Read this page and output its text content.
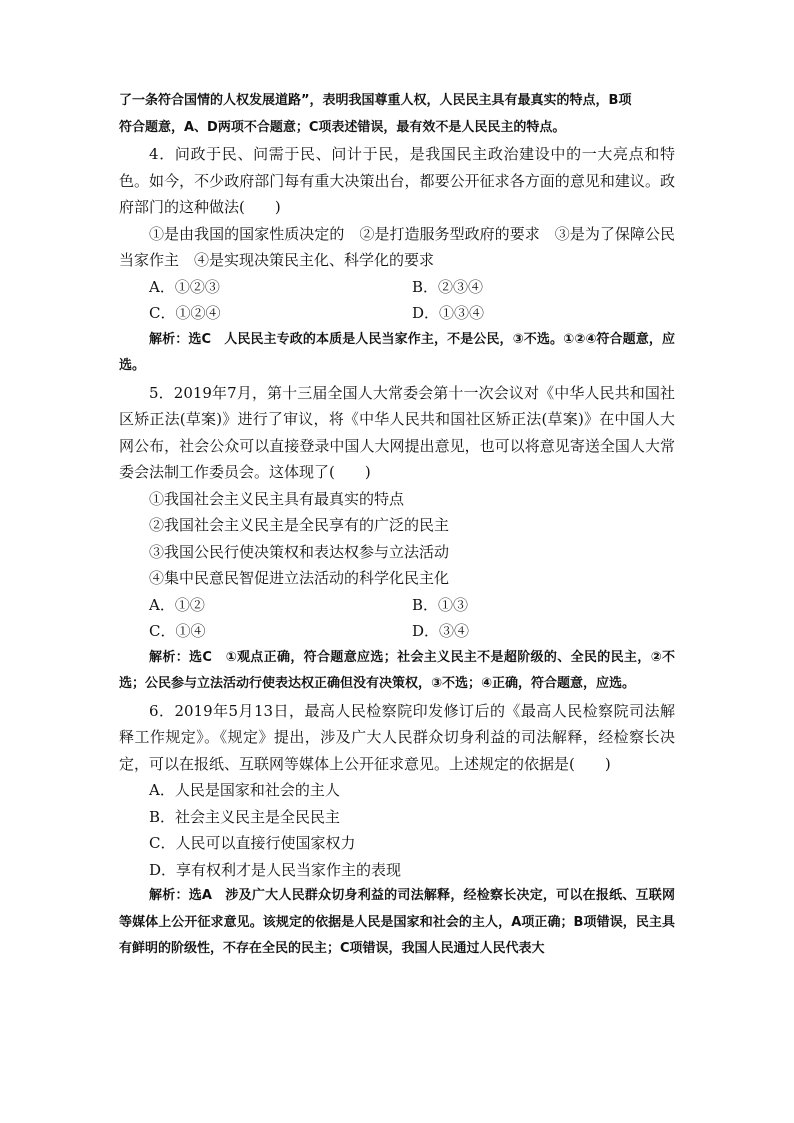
了一条符合国情的人权发展道路”，表明我国尊重人权，人民民主具有最真实的特点，B项

符合题意，A、D两项不合题意；C项表述错误，最有效不是人民民主的特点。

4．问政于民、问需于民、问计于民，是我国民主政治建设中的一大亮点和特色。如今，不少政府部门每有重大决策出台，都要公开征求各方面的意见和建议。政府部门的这种做法(　　)

①是由我国的国家性质决定的　②是打造服务型政府的要求　③是为了保障公民当家作主　④是实现决策民主化、科学化的要求

A．①②③	B．②③④
C．①②④	D．①③④

解析：选C　人民民主专政的本质是人民当家作主，不是公民，③不选。①②④符合题意，应选。

5．2019年7月，第十三届全国人大常委会第十一次会议对《中华人民共和国社区矫正法(草案)》进行了审议，将《中华人民共和国社区矫正法(草案)》在中国人大网公布，社会公众可以直接登录中国人大网提出意见，也可以将意见寄送全国人大常委会法制工作委员会。这体现了(　　)

①我国社会主义民主具有最真实的特点

②我国社会主义民主是全民享有的广泛的民主

③我国公民行使决策权和表达权参与立法活动

④集中民意民智促进立法活动的科学化民主化

A．①②	B．①③
C．①④	D．③④

解析：选C　①观点正确，符合题意应选；社会主义民主不是超阶级的、全民的民主，②不选；公民参与立法活动行使表达权正确但没有决策权，③不选；④正确，符合题意，应选。

6．2019年5月13日，最高人民检察院印发修订后的《最高人民检察院司法解释工作规定》。《规定》提出，涉及广大人民群众切身利益的司法解释，经检察长决定，可以在报纸、互联网等媒体上公开征求意见。上述规定的依据是(　　)

A．人民是国家和社会的主人

B．社会主义民主是全民民主

C．人民可以直接行使国家权力

D．享有权利才是人民当家作主的表现

解析：选A　涉及广大人民群众切身利益的司法解释，经检察长决定，可以在报纸、互联网等媒体上公开征求意见。该规定的依据是人民是国家和社会的主人，A项正确；B项错误，民主具有鲜明的阶级性，不存在全民的民主；C项错误，我国人民通过人民代表大
